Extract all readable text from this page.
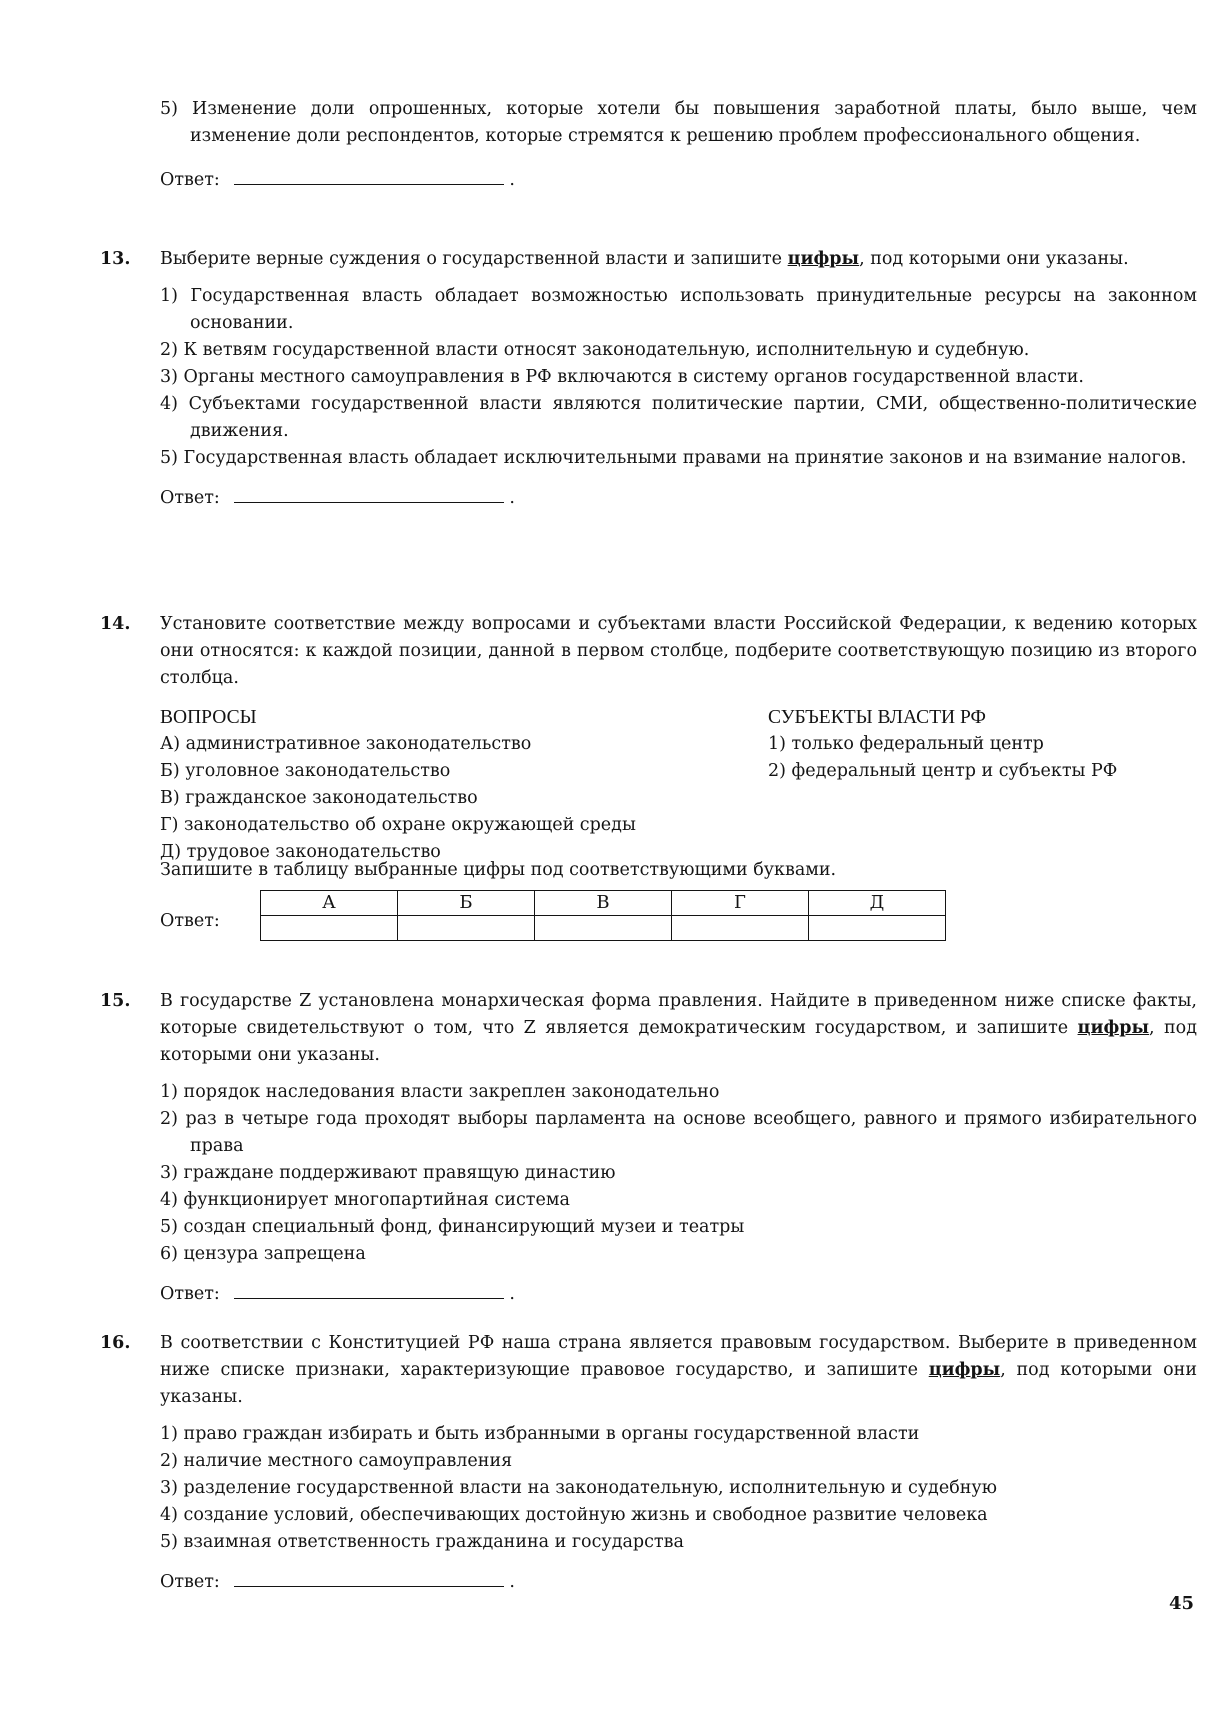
5) Изменение доли опрошенных, которые хотели бы повышения заработной платы, было выше, чем изменение доли респондентов, которые стремятся к решению проблем профессионального общения.
Ответ:	.
13. Выберите верные суждения о государственной власти и запишите цифры, под которыми они указаны.
1) Государственная власть обладает возможностью использовать принудительные ресурсы на законном основании.
2) К ветвям государственной власти относят законодательную, исполнительную и судебную.
3) Органы местного самоуправления в РФ включаются в систему органов государственной власти.
4) Субъектами государственной власти являются политические партии, СМИ, общественно-политические движения.
5) Государственная власть обладает исключительными правами на принятие законов и на взимание налогов.
Ответ:	.
14. Установите соответствие между вопросами и субъектами власти Российской Федерации, к ведению которых они относятся: к каждой позиции, данной в первом столбце, подберите соответствующую позицию из второго столбца.
ВОПРОСЫ
А) административное законодательство
Б) уголовное законодательство
В) гражданское законодательство
Г) законодательство об охране окружающей среды
Д) трудовое законодательство
СУБЪЕКТЫ ВЛАСТИ РФ
1) только федеральный центр
2) федеральный центр и субъекты РФ
Запишите в таблицу выбранные цифры под соответствующими буквами.
Ответ:
А	Б	В	Г	Д

15. В государстве Z установлена монархическая форма правления. Найдите в приведенном ниже списке факты, которые свидетельствуют о том, что Z является демократическим государством, и запишите цифры, под которыми они указаны.
1) порядок наследования власти закреплен законодательно
2) раз в четыре года проходят выборы парламента на основе всеобщего, равного и прямого избирательного права
3) граждане поддерживают правящую династию
4) функционирует многопартийная система
5) создан специальный фонд, финансирующий музеи и театры
6) цензура запрещена
Ответ:	.
16. В соответствии с Конституцией РФ наша страна является правовым государством. Выберите в приведенном ниже списке признаки, характеризующие правовое государство, и запишите цифры, под которыми они указаны.
1) право граждан избирать и быть избранными в органы государственной власти
2) наличие местного самоуправления
3) разделение государственной власти на законодательную, исполнительную и судебную
4) создание условий, обеспечивающих достойную жизнь и свободное развитие человека
5) взаимная ответственность гражданина и государства
Ответ:	.
45
